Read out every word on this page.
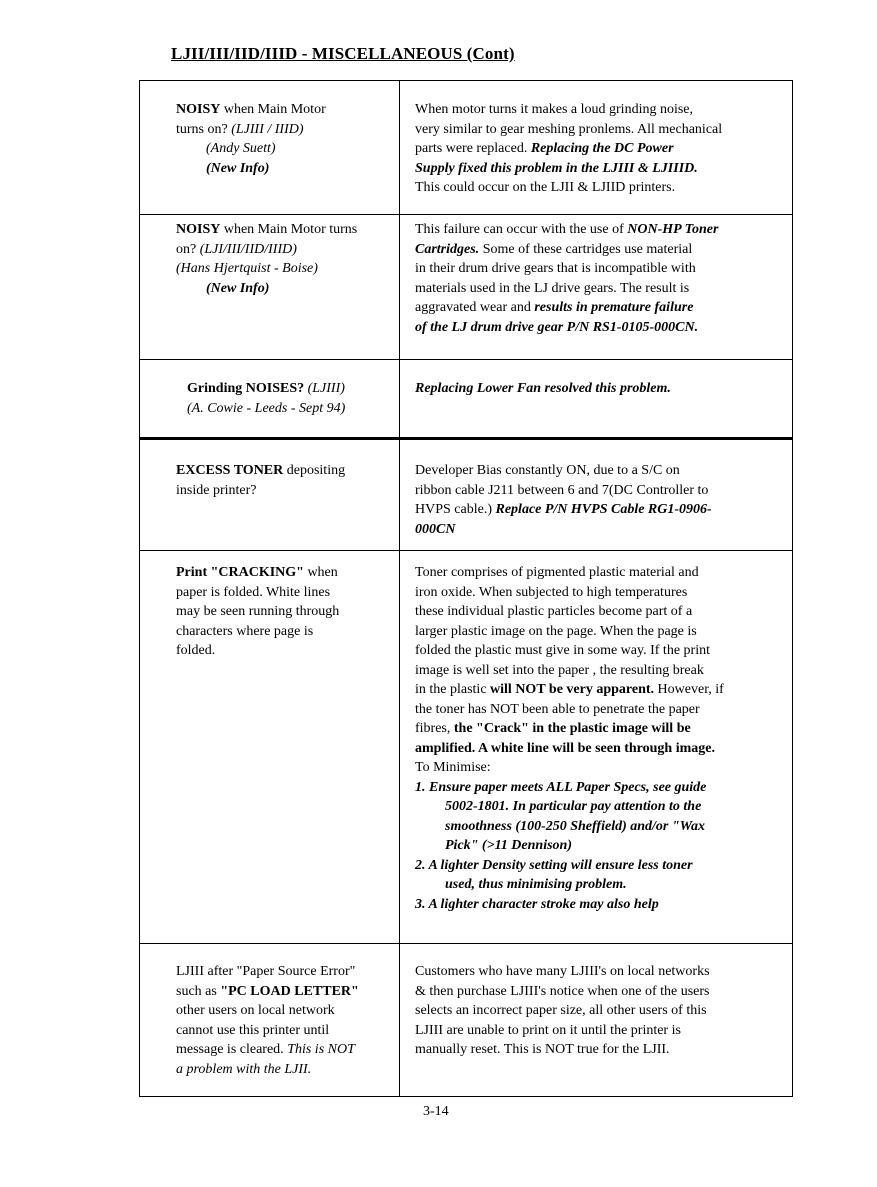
LJII/III/IID/IIID - MISCELLANEOUS (Cont)
NOISY when Main Motor
turns on? (LJIII / IIID)
(Andy Suett)
(New Info)
When motor turns it makes a loud grinding noise,
very similar to gear meshing pronlems. All mechanical
parts were replaced. Replacing the DC Power
Supply fixed this problem in the LJIII & LJIIID.
This could occur on the LJII & LJIID printers.
NOISY when Main Motor turns
on? (LJI/III/IID/IIID)
(Hans Hjertquist - Boise)
(New Info)
This failure can occur with the use of NON-HP Toner
Cartridges. Some of these cartridges use material
in their drum drive gears that is incompatible with
materials used in the LJ drive gears. The result is
aggravated wear and results in premature failure
of the LJ drum drive gear P/N RS1-0105-000CN.
Grinding NOISES? (LJIII)
(A. Cowie - Leeds - Sept 94)
Replacing Lower Fan resolved this problem.
EXCESS TONER depositing
inside printer?
Developer Bias constantly ON, due to a S/C on
ribbon cable J211 between 6 and 7(DC Controller to
HVPS cable.) Replace P/N HVPS Cable RG1-0906-
000CN
Print "CRACKING" when
paper is folded. White lines
may be seen running through
characters where page is
folded.
Toner comprises of pigmented plastic material and
iron oxide. When subjected to high temperatures
these individual plastic particles become part of a
larger plastic image on the page. When the page is
folded the plastic must give in some way. If the print
image is well set into the paper , the resulting break
in the plastic will NOT be very apparent. However, if
the toner has NOT been able to penetrate the paper
fibres, the "Crack" in the plastic image will be
amplified. A white line will be seen through image.
To Minimise:
1. Ensure paper meets ALL Paper Specs, see guide
5002-1801. In particular pay attention to the
smoothness (100-250 Sheffield) and/or "Wax
Pick" (>11 Dennison)
2. A lighter Density setting will ensure less toner
used, thus minimising problem.
3. A lighter character stroke may also help
LJIII after "Paper Source Error"
such as "PC LOAD LETTER"
other users on local network
cannot use this printer until
message is cleared. This is NOT
a problem with the LJII.
Customers who have many LJIII's on local networks
& then purchase LJIII's notice when one of the users
selects an incorrect paper size, all other users of this
LJIII are unable to print on it until the printer is
manually reset. This is NOT true for the LJII.
3-14
